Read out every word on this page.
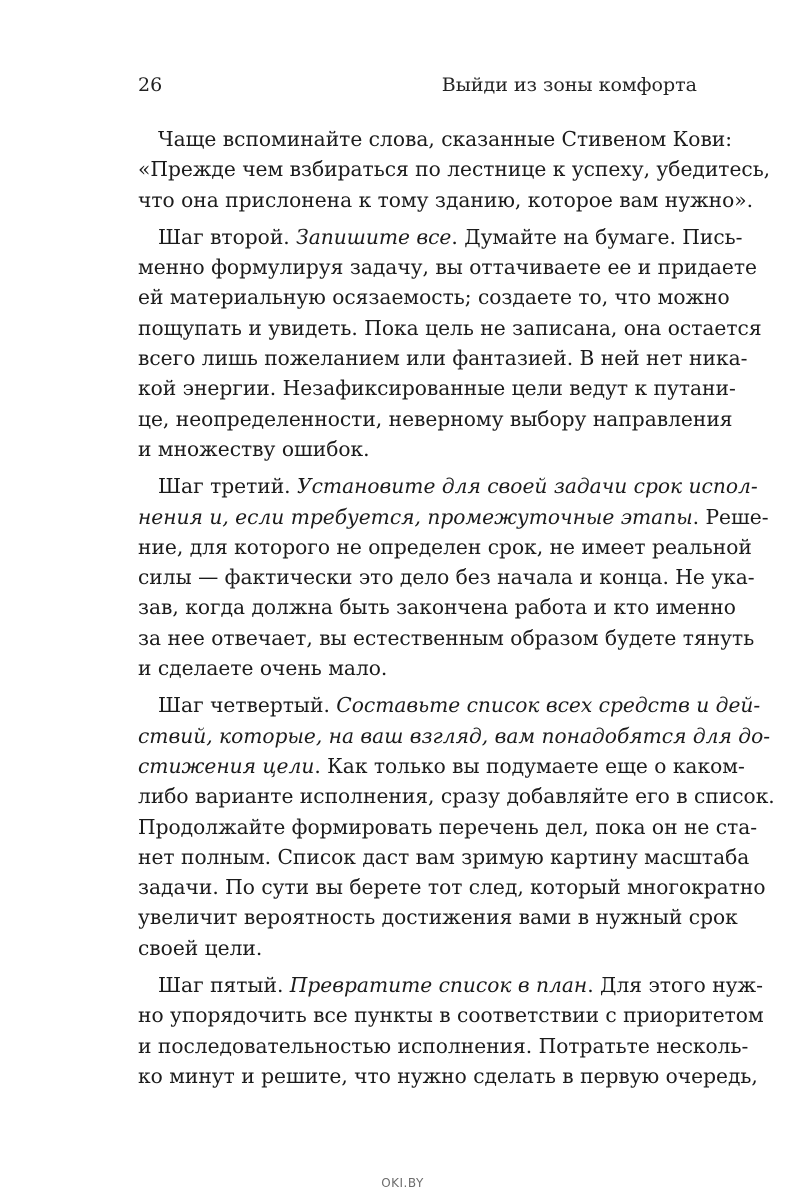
26	Выйди из зоны комфорта

Чаще вспоминайте слова, сказанные Стивеном Кови:
«Прежде чем взбираться по лестнице к успеху, убедитесь,
что она прислонена к тому зданию, которое вам нужно».

Шаг второй. Запишите все. Думайте на бумаге. Пись-
менно формулируя задачу, вы оттачиваете ее и придаете
ей материальную осязаемость; создаете то, что можно
пощупать и увидеть. Пока цель не записана, она остается
всего лишь пожеланием или фантазией. В ней нет ника-
кой энергии. Незафиксированные цели ведут к путани-
це, неопределенности, неверному выбору направления
и множеству ошибок.

Шаг третий. Установите для своей задачи срок испол-
нения и, если требуется, промежуточные этапы. Реше-
ние, для которого не определен срок, не имеет реальной
силы — фактически это дело без начала и конца. Не ука-
зав, когда должна быть закончена работа и кто именно
за нее отвечает, вы естественным образом будете тянуть
и сделаете очень мало.

Шаг четвертый. Составьте список всех средств и дей-
ствий, которые, на ваш взгляд, вам понадобятся для до-
стижения цели. Как только вы подумаете еще о каком-
либо варианте исполнения, сразу добавляйте его в список.
Продолжайте формировать перечень дел, пока он не ста-
нет полным. Список даст вам зримую картину масштаба
задачи. По сути вы берете тот след, который многократно
увеличит вероятность достижения вами в нужный срок
своей цели.

Шаг пятый. Превратите список в план. Для этого нуж-
но упорядочить все пункты в соответствии с приоритетом
и последовательностью исполнения. Потратьте несколь-
ко минут и решите, что нужно сделать в первую очередь,

OKI.BY
